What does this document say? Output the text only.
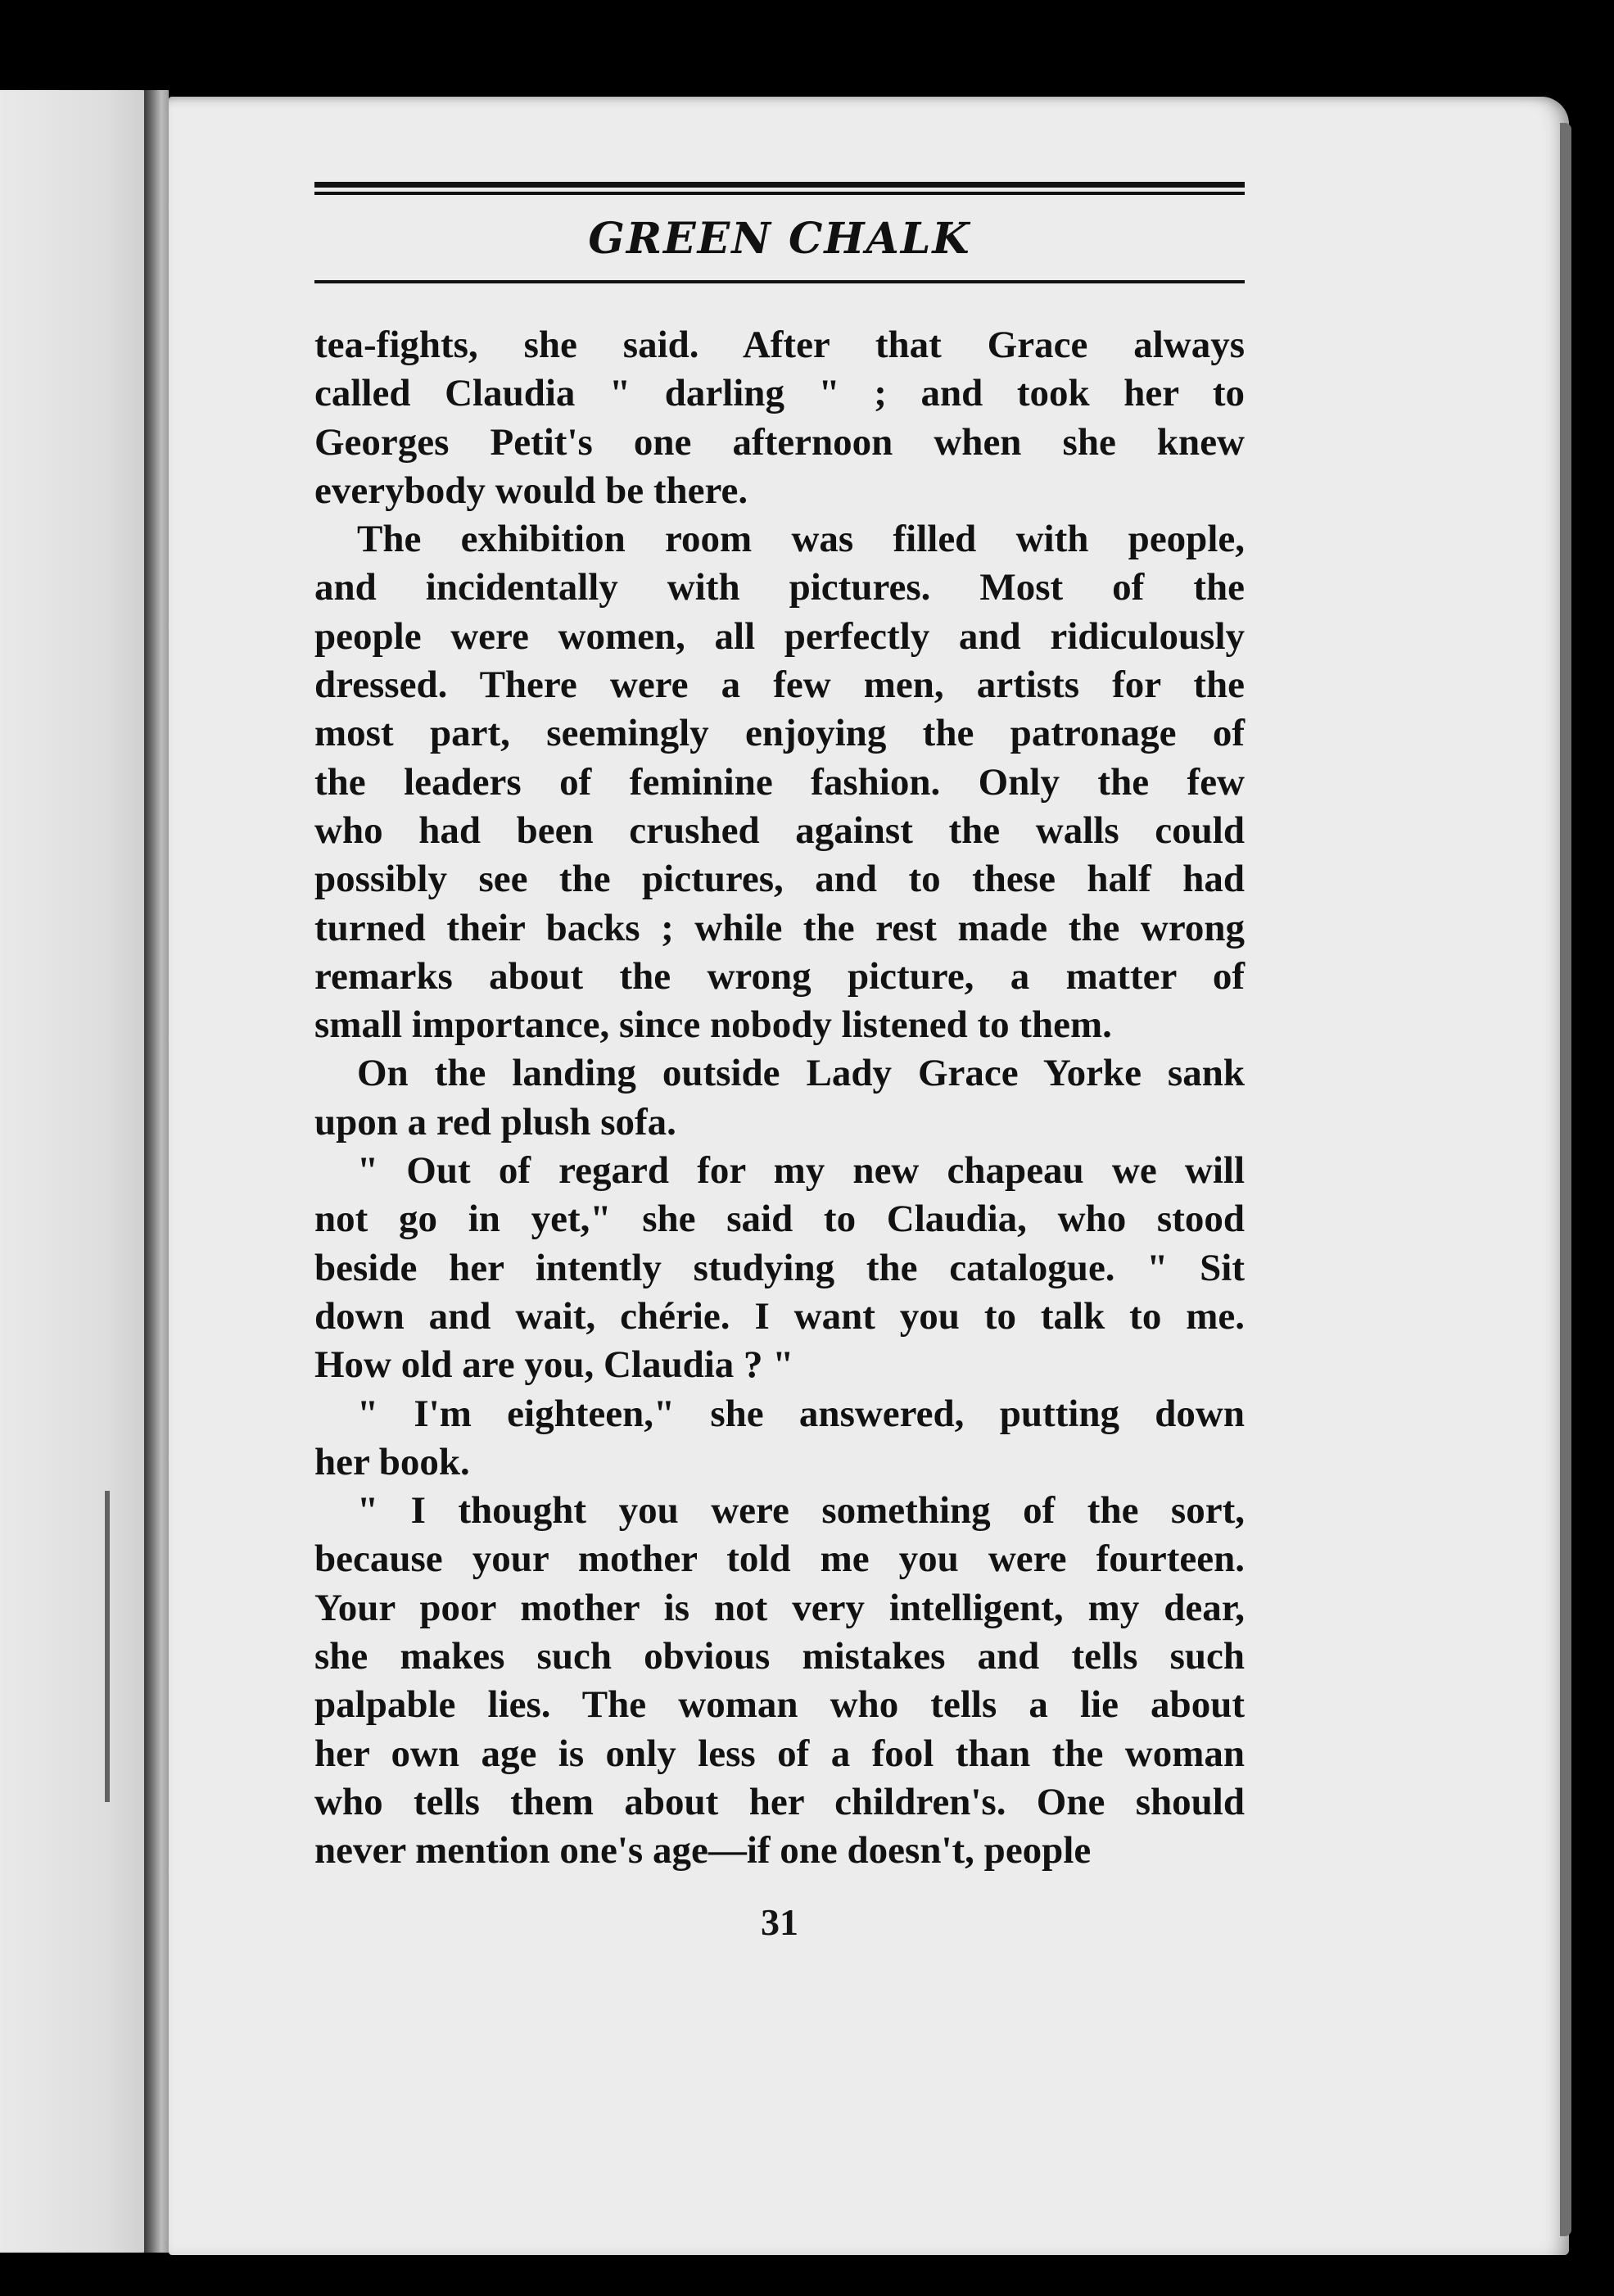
GREEN CHALK

tea-fights, she said. After that Grace always

called Claudia " darling " ; and took her to

Georges Petit's one afternoon when she knew

everybody would be there.

The exhibition room was filled with people,

and incidentally with pictures. Most of the

people were women, all perfectly and ridiculously

dressed. There were a few men, artists for the

most part, seemingly enjoying the patronage of

the leaders of feminine fashion. Only the few

who had been crushed against the walls could

possibly see the pictures, and to these half had

turned their backs ; while the rest made the wrong

remarks about the wrong picture, a matter of

small importance, since nobody listened to them.

On the landing outside Lady Grace Yorke sank

upon a red plush sofa.

" Out of regard for my new chapeau we will

not go in yet," she said to Claudia, who stood

beside her intently studying the catalogue. " Sit

down and wait, chérie. I want you to talk to me.

How old are you, Claudia ? "

" I'm eighteen," she answered, putting down

her book.

" I thought you were something of the sort,

because your mother told me you were fourteen.

Your poor mother is not very intelligent, my dear,

she makes such obvious mistakes and tells such

palpable lies. The woman who tells a lie about

her own age is only less of a fool than the woman

who tells them about her children's. One should

never mention one's age—if one doesn't, people

31
